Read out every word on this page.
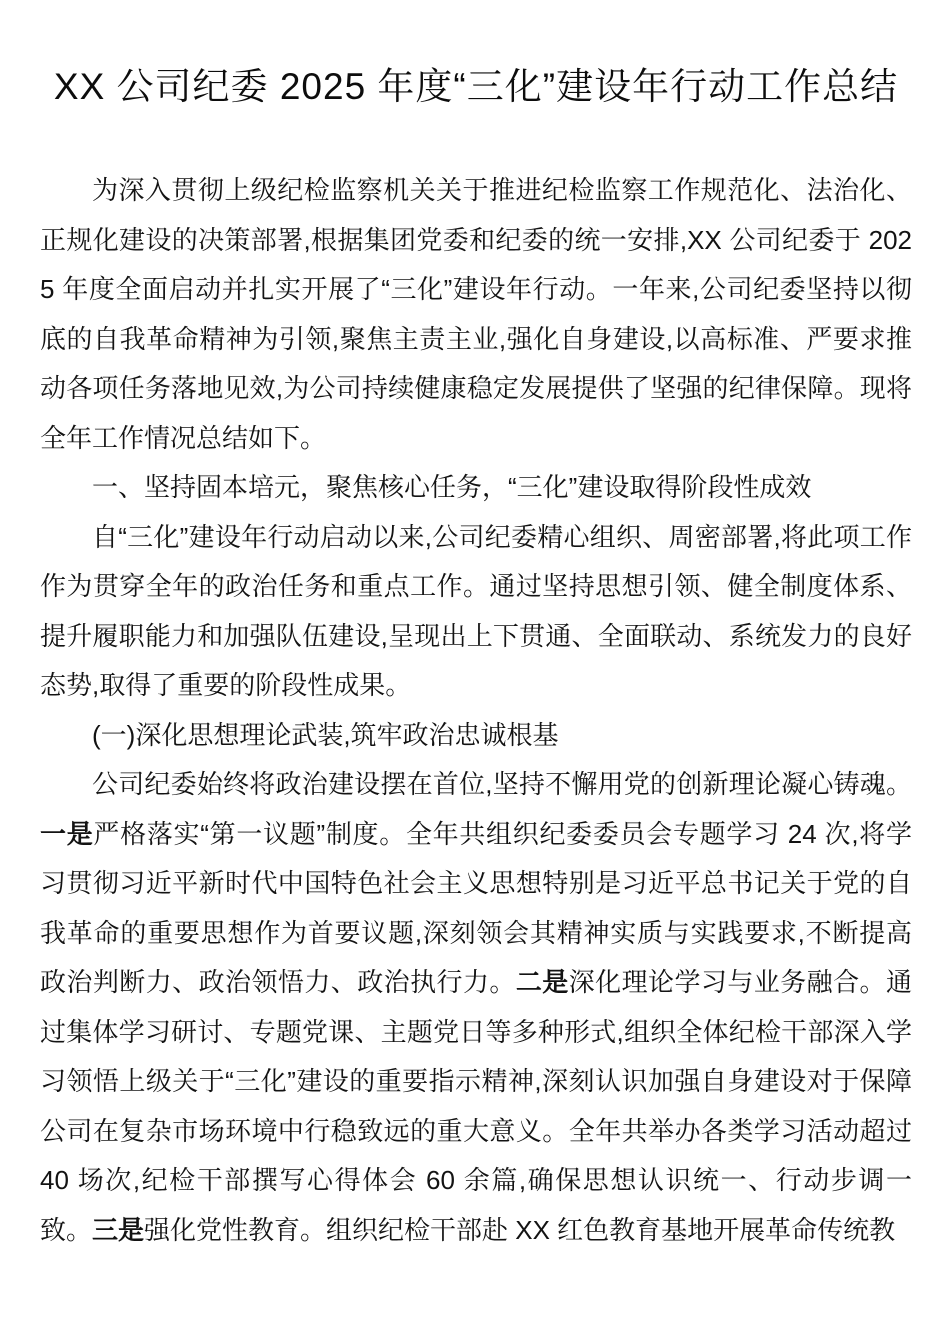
XX 公司纪委 2025 年度“三化”建设年行动工作总结

为深入贯彻上级纪检监察机关关于推进纪检监察工作规范化、法治化、正规化建设的决策部署,根据集团党委和纪委的统一安排,XX 公司纪委于 2025 年度全面启动并扎实开展了“三化”建设年行动。一年来,公司纪委坚持以彻底的自我革命精神为引领,聚焦主责主业,强化自身建设,以高标准、严要求推动各项任务落地见效,为公司持续健康稳定发展提供了坚强的纪律保障。现将全年工作情况总结如下。

一、坚持固本培元，聚焦核心任务，“三化”建设取得阶段性成效

自“三化”建设年行动启动以来,公司纪委精心组织、周密部署,将此项工作作为贯穿全年的政治任务和重点工作。通过坚持思想引领、健全制度体系、提升履职能力和加强队伍建设,呈现出上下贯通、全面联动、系统发力的良好态势,取得了重要的阶段性成果。

(一)深化思想理论武装,筑牢政治忠诚根基

公司纪委始终将政治建设摆在首位,坚持不懈用党的创新理论凝心铸魂。一是严格落实“第一议题”制度。全年共组织纪委委员会专题学习 24 次,将学习贯彻习近平新时代中国特色社会主义思想特别是习近平总书记关于党的自我革命的重要思想作为首要议题,深刻领会其精神实质与实践要求,不断提高政治判断力、政治领悟力、政治执行力。二是深化理论学习与业务融合。通过集体学习研讨、专题党课、主题党日等多种形式,组织全体纪检干部深入学习领悟上级关于“三化”建设的重要指示精神,深刻认识加强自身建设对于保障公司在复杂市场环境中行稳致远的重大意义。全年共举办各类学习活动超过 40 场次,纪检干部撰写心得体会 60 余篇,确保思想认识统一、行动步调一致。三是强化党性教育。组织纪检干部赴 XX 红色教育基地开展革命传统教
